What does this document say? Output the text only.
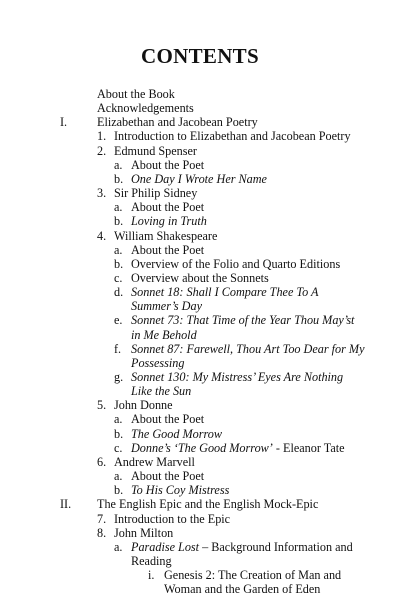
CONTENTS
About the Book
Acknowledgements
I. Elizabethan and Jacobean Poetry
1. Introduction to Elizabethan and Jacobean Poetry
2. Edmund Spenser
a. About the Poet
b. One Day I Wrote Her Name
3. Sir Philip Sidney
a. About the Poet
b. Loving in Truth
4. William Shakespeare
a. About the Poet
b. Overview of the Folio and Quarto Editions
c. Overview about the Sonnets
d. Sonnet 18: Shall I Compare Thee To A
Summer’s Day
e. Sonnet 73: That Time of the Year Thou May’st
in Me Behold
f. Sonnet 87: Farewell, Thou Art Too Dear for My
Possessing
g. Sonnet 130: My Mistress’ Eyes Are Nothing
Like the Sun
5. John Donne
a. About the Poet
b. The Good Morrow
c. Donne’s ‘The Good Morrow’ - Eleanor Tate
6. Andrew Marvell
a. About the Poet
b. To His Coy Mistress
II. The English Epic and the English Mock-Epic
7. Introduction to the Epic
8. John Milton
a. Paradise Lost – Background Information and
Reading
i. Genesis 2: The Creation of Man and
Woman and the Garden of Eden
